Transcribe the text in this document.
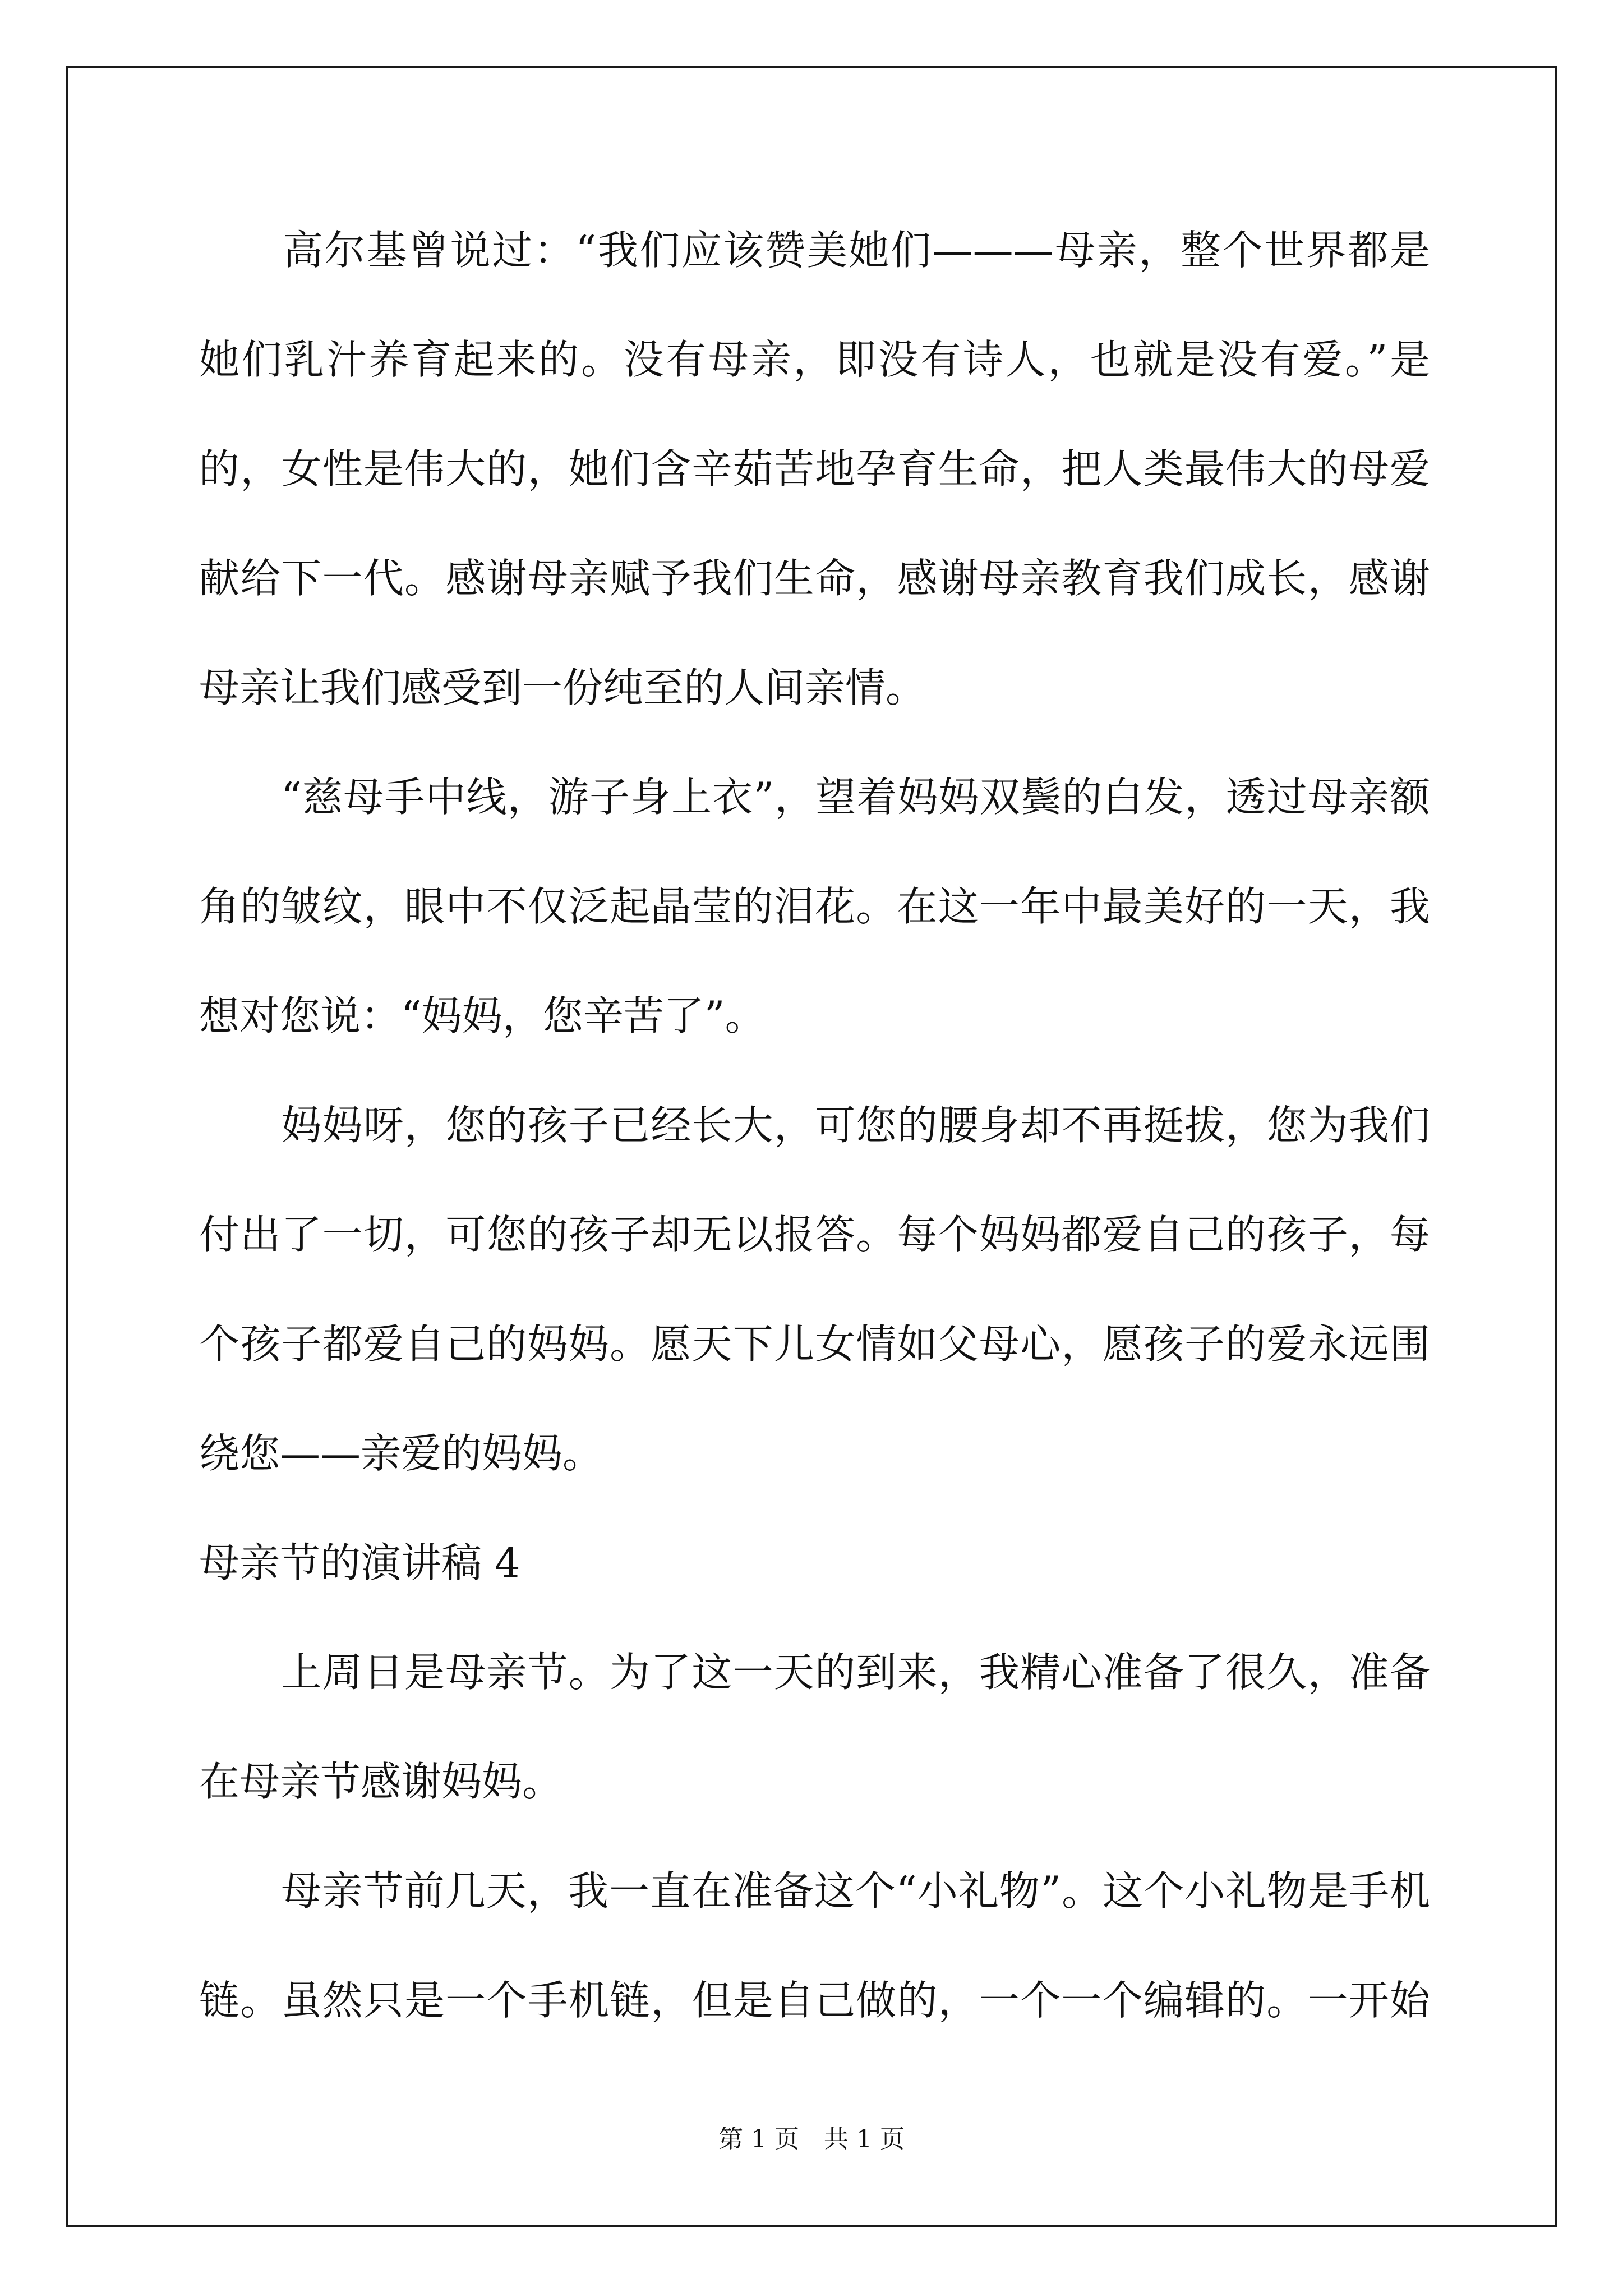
　　高尔基曾说过：“我们应该赞美她们———母亲，整个世界都是
她们乳汁养育起来的。没有母亲，即没有诗人，也就是没有爱。”是
的，女性是伟大的，她们含辛茹苦地孕育生命，把人类最伟大的母爱
献给下一代。感谢母亲赋予我们生命，感谢母亲教育我们成长，感谢
母亲让我们感受到一份纯至的人间亲情。
　　“慈母手中线，游子身上衣”，望着妈妈双鬓的白发，透过母亲额
角的皱纹，眼中不仅泛起晶莹的泪花。在这一年中最美好的一天，我
想对您说：“妈妈，您辛苦了”。
　　妈妈呀，您的孩子已经长大，可您的腰身却不再挺拔，您为我们
付出了一切，可您的孩子却无以报答。每个妈妈都爱自己的孩子，每
个孩子都爱自己的妈妈。愿天下儿女情如父母心，愿孩子的爱永远围
绕您——亲爱的妈妈。
母亲节的演讲稿 4
　　上周日是母亲节。为了这一天的到来，我精心准备了很久，准备
在母亲节感谢妈妈。
　　母亲节前几天，我一直在准备这个“小礼物”。这个小礼物是手机
链。虽然只是一个手机链，但是自己做的，一个一个编辑的。一开始
第 1 页　共 1 页
